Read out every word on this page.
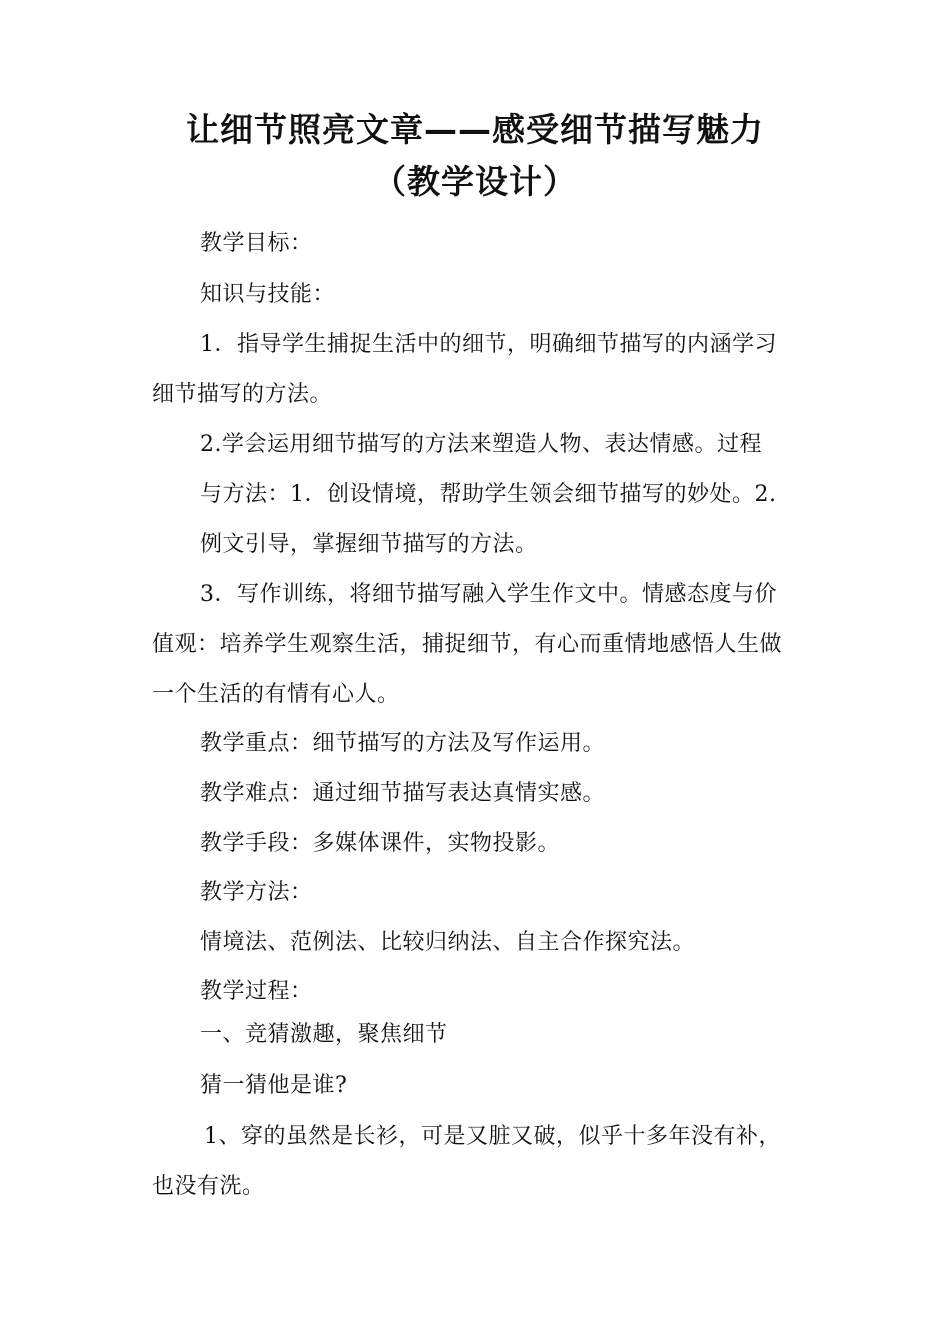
让细节照亮文章——感受细节描写魅力
（教学设计）
教学目标：
知识与技能：
1．指导学生捕捉生活中的细节，明确细节描写的内涵学习
细节描写的方法。
2.学会运用细节描写的方法来塑造人物、表达情感。过程
与方法：1．创设情境，帮助学生领会细节描写的妙处。2.
例文引导，掌握细节描写的方法。
3．写作训练，将细节描写融入学生作文中。情感态度与价
值观：培养学生观察生活，捕捉细节，有心而重情地感悟人生做
一个生活的有情有心人。
教学重点：细节描写的方法及写作运用。
教学难点：通过细节描写表达真情实感。
教学手段：多媒体课件，实物投影。
教学方法：
情境法、范例法、比较归纳法、自主合作探究法。
教学过程：
一、竞猜激趣，聚焦细节
猜一猜他是谁?
1、穿的虽然是长衫，可是又脏又破，似乎十多年没有补，
也没有洗。
